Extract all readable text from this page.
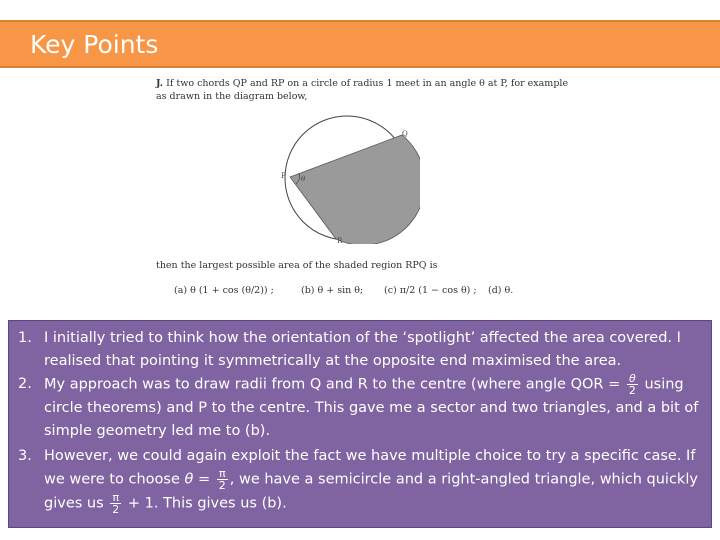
Key Points
J. If two chords QP and RP on a circle of radius 1 meet in an angle θ at P, for example
as drawn in the diagram below,
Q
P
R
θ
then the largest possible area of the shaded region RPQ is
(a) θ (1 + cos (θ/2)) ;	(b) θ + sin θ; (c) π/2 (1 − cos θ) ; (d) θ.
1. I initially tried to think how the orientation of the ‘spotlight’ affected the area covered. I realised that pointing it symmetrically at the opposite end maximised the area.
2. My approach was to draw radii from Q and R to the centre (where angle QOR = $\frac{\theta}{2}$ using circle theorems) and P to the centre. This gave me a sector and two triangles, and a bit of simple geometry led me to (b).
3. However, we could again exploit the fact we have multiple choice to try a specific case. If we were to choose $\theta = \frac{\pi}{2}$ , we have a semicircle and a right-angled triangle, which quickly gives us $\frac{\pi}{2} + 1$. This gives us (b).
